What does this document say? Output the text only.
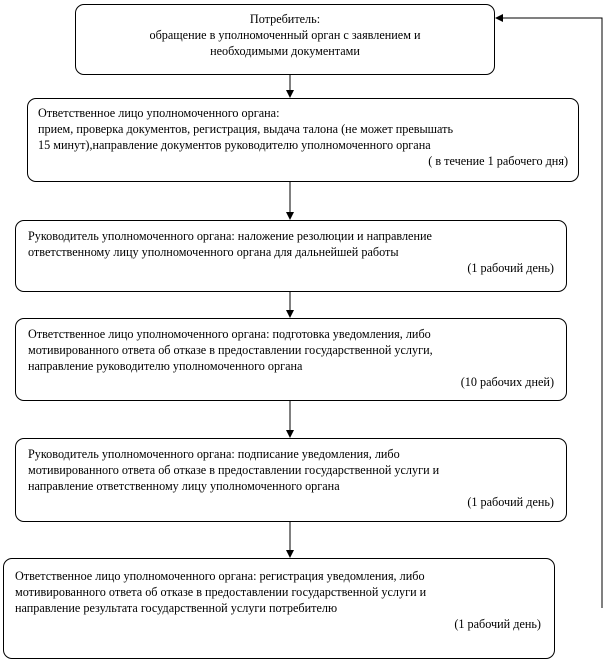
Потребитель:
обращение в уполномоченный орган с заявлением и
необходимыми документами
Ответственное лицо уполномоченного органа:
прием, проверка документов, регистрация, выдача талона (не может превышать
15 минут),направление документов руководителю уполномоченного органа
( в течение 1 рабочего дня)
Руководитель уполномоченного органа: наложение резолюции и направление
ответственному лицу уполномоченного органа для дальнейшей работы
(1 рабочий день)
Ответственное лицо уполномоченного органа: подготовка уведомления, либо
мотивированного ответа об отказе в предоставлении государственной услуги,
направление руководителю уполномоченного органа
(10 рабочих дней)
Руководитель уполномоченного органа: подписание уведомления, либо
мотивированного ответа об отказе в предоставлении государственной услуги и
направление ответственному лицу уполномоченного органа
(1 рабочий день)
Ответственное лицо уполномоченного органа: регистрация уведомления, либо
мотивированного ответа об отказе в предоставлении государственной услуги и
направление результата государственной услуги потребителю
(1 рабочий день)
